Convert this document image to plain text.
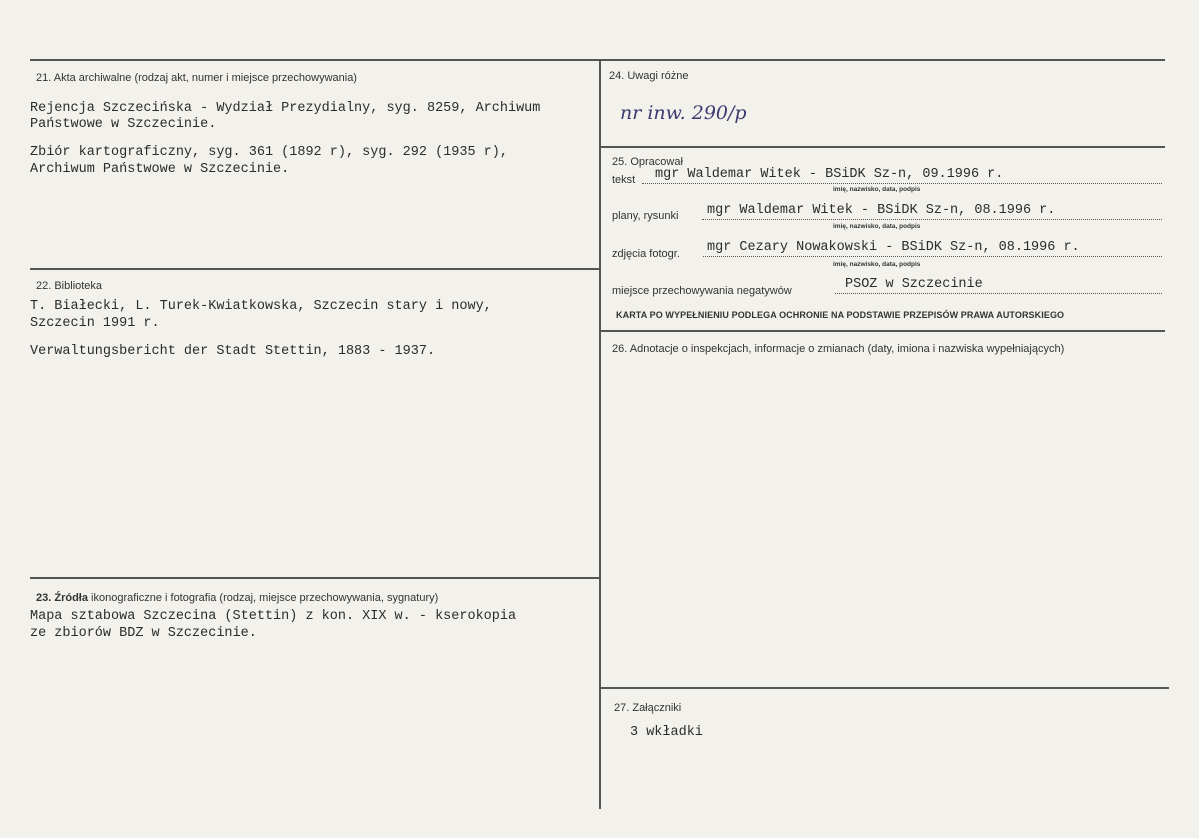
21. Akta archiwalne (rodzaj akt, numer i miejsce przechowywania)
Rejencja Szczecińska - Wydział Prezydialny, syg. 8259, Archiwum
Państwowe w Szczecinie.
Zbiór kartograficzny, syg. 361 (1892 r), syg. 292 (1935 r),
Archiwum Państwowe w Szczecinie.
22. Biblioteka
T. Białecki, L. Turek-Kwiatkowska, Szczecin stary i nowy,
Szczecin 1991 r.
Verwaltungsbericht der Stadt Stettin, 1883 - 1937.
23. Źródła ikonograficzne i fotografia (rodzaj, miejsce przechowywania, sygnatury)
Mapa sztabowa Szczecina (Stettin) z kon. XIX w. - kserokopia
ze zbiorów BDZ w Szczecinie.
24. Uwagi różne
nr inw. 290/p
25. Opracował
tekst mgr Waldemar Witek - BSiDK Sz-n, 09.1996 r.
imię, nazwisko, data, podpis
plany, rysunki mgr Waldemar Witek - BSiDK Sz-n, 08.1996 r.
imię, nazwisko, data, podpis
zdjęcia fotogr. mgr Cezary Nowakowski - BSiDK Sz-n, 08.1996 r.
imię, nazwisko, data, podpis
miejsce przechowywania negatywów	PSOZ w Szczecinie
KARTA PO WYPEŁNIENIU PODLEGA OCHRONIE NA PODSTAWIE PRZEPISÓW PRAWA AUTORSKIEGO
26. Adnotacje o inspekcjach, informacje o zmianach (daty, imiona i nazwiska wypełniających)
27. Załączniki
3 wkładki
